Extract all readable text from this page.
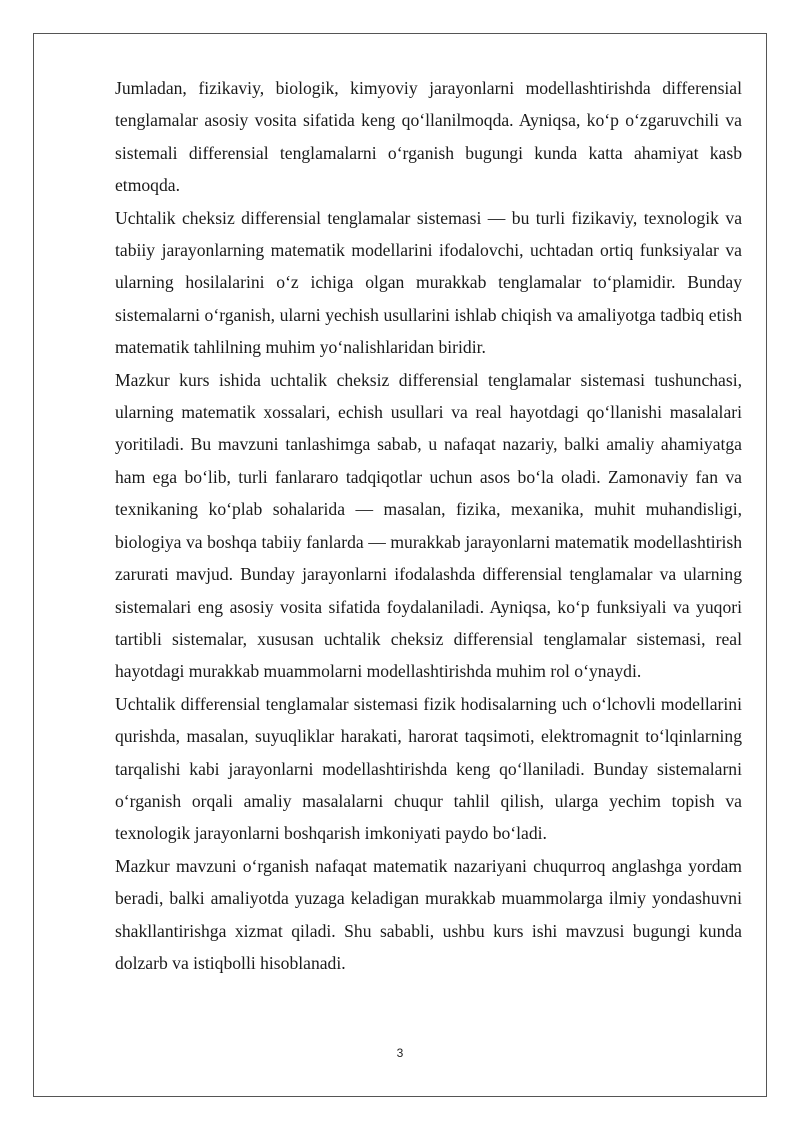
Jumladan, fizikaviy, biologik, kimyoviy jarayonlarni modellashtirishda differensial tenglamalar asosiy vosita sifatida keng qo‘llanilmoqda. Ayniqsa, ko‘p o‘zgaruvchili va sistemali differensial tenglamalarni o‘rganish bugungi kunda katta ahamiyat kasb etmoqda.

Uchtalik cheksiz differensial tenglamalar sistemasi — bu turli fizikaviy, texnologik va tabiiy jarayonlarning matematik modellarini ifodalovchi, uchtadan ortiq funksiyalar va ularning hosilalarini o‘z ichiga olgan murakkab tenglamalar to‘plamidir. Bunday sistemalarni o‘rganish, ularni yechish usullarini ishlab chiqish va amaliyotga tadbiq etish matematik tahlilning muhim yo‘nalishlaridan biridir.

Mazkur kurs ishida uchtalik cheksiz differensial tenglamalar sistemasi tushunchasi, ularning matematik xossalari, echish usullari va real hayotdagi qo‘llanishi masalalari yoritiladi. Bu mavzuni tanlashimga sabab, u nafaqat nazariy, balki amaliy ahamiyatga ham ega bo‘lib, turli fanlararo tadqiqotlar uchun asos bo‘la oladi. Zamonaviy fan va texnikaning ko‘plab sohalarida — masalan, fizika, mexanika, muhit muhandisligi, biologiya va boshqa tabiiy fanlarda — murakkab jarayonlarni matematik modellashtirish zarurati mavjud. Bunday jarayonlarni ifodalashda differensial tenglamalar va ularning sistemalari eng asosiy vosita sifatida foydalaniladi. Ayniqsa, ko‘p funksiyali va yuqori tartibli sistemalar, xususan uchtalik cheksiz differensial tenglamalar sistemasi, real hayotdagi murakkab muammolarni modellashtirishda muhim rol o‘ynaydi.

Uchtalik differensial tenglamalar sistemasi fizik hodisalarning uch o‘lchovli modellarini qurishda, masalan, suyuqliklar harakati, harorat taqsimoti, elektromagnit to‘lqinlarning tarqalishi kabi jarayonlarni modellashtirishda keng qo‘llaniladi. Bunday sistemalarni o‘rganish orqali amaliy masalalarni chuqur tahlil qilish, ularga yechim topish va texnologik jarayonlarni boshqarish imkoniyati paydo bo‘ladi.

Mazkur mavzuni o‘rganish nafaqat matematik nazariyani chuqurroq anglashga yordam beradi, balki amaliyotda yuzaga keladigan murakkab muammolarga ilmiy yondashuvni shakllantirishga xizmat qiladi. Shu sababli, ushbu kurs ishi mavzusi bugungi kunda dolzarb va istiqbolli hisoblanadi.

3
